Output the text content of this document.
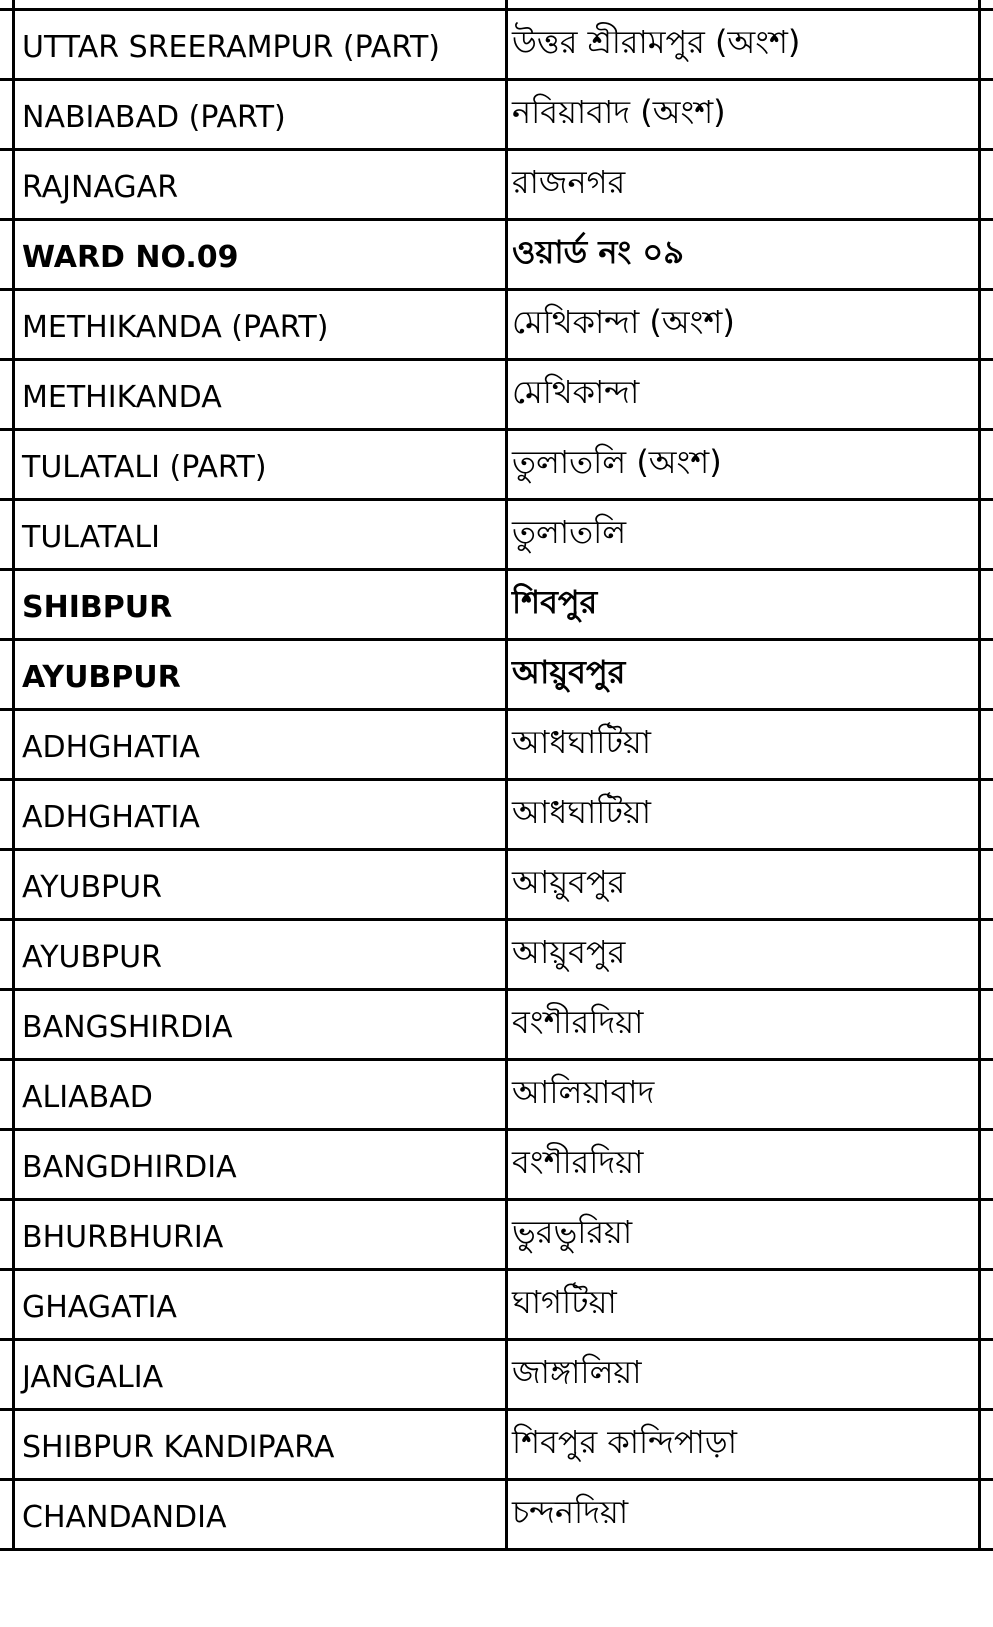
UTTAR SREERAMPUR (PART) উত্তর শ্রীরামপুর (অংশ)
NABIABAD (PART)	নবিয়াবাদ (অংশ)
RAJNAGAR	রাজনগর
WARD NO.09	ওয়ার্ড নং ০৯
METHIKANDA (PART)	মেথিকান্দা (অংশ)
METHIKANDA	মেথিকান্দা
TULATALI (PART)	তুলাতলি (অংশ)
TULATALI	তুলাতলি
SHIBPUR	শিবপুর
AYUBPUR	আয়ুবপুর
ADHGHATIA	আধঘাটিয়া
ADHGHATIA	আধঘাটিয়া
AYUBPUR	আয়ুবপুর
AYUBPUR	আয়ুবপুর
BANGSHIRDIA	বংশীরদিয়া
ALIABAD	আলিয়াবাদ
BANGDHIRDIA	বংশীরদিয়া
BHURBHURIA	ভুরভুরিয়া
GHAGATIA	ঘাগটিয়া
JANGALIA	জাঙ্গালিয়া
SHIBPUR KANDIPARA	শিবপুর কান্দিপাড়া
CHANDANDIA	চন্দনদিয়া
